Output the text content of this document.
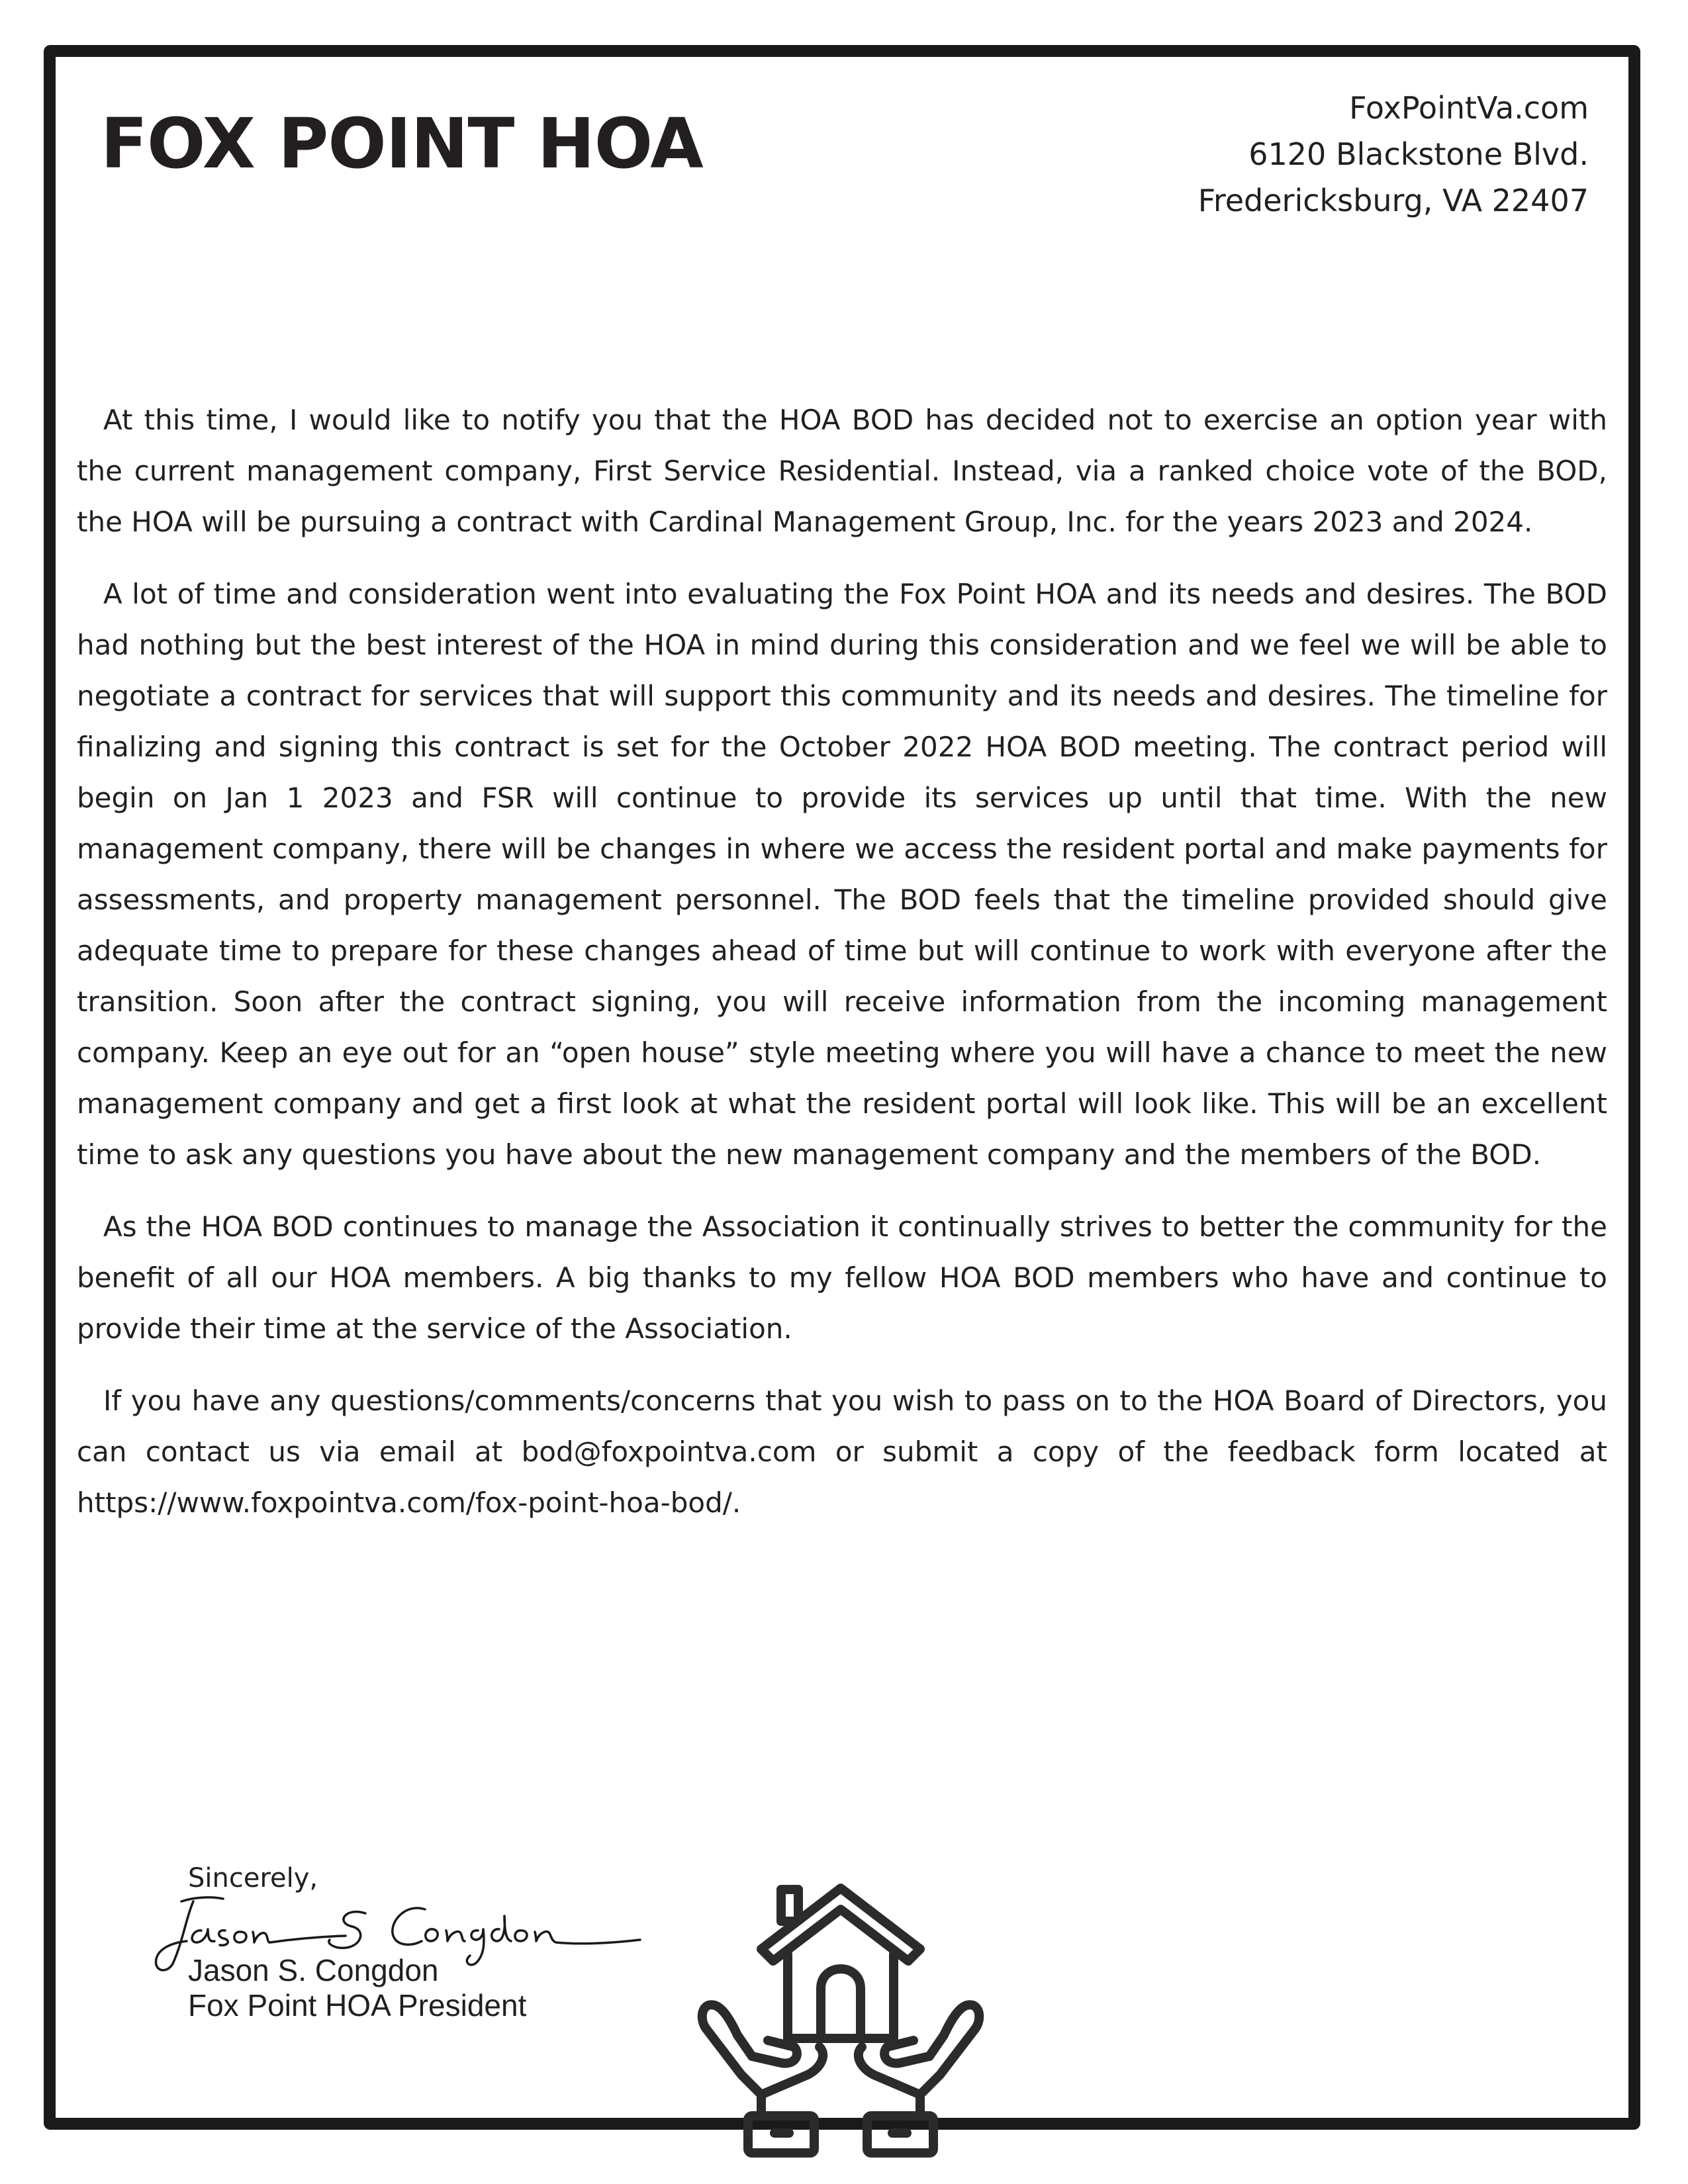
FOX POINT HOA	FoxPointVa.com
6120 Blackstone Blvd.
Fredericksburg, VA 22407

At this time, I would like to notify you that the HOA BOD has decided not to exercise an option year with the current management company, First Service Residential. Instead, via a ranked choice vote of the BOD, the HOA will be pursuing a contract with Cardinal Management Group, Inc. for the years 2023 and 2024.

A lot of time and consideration went into evaluating the Fox Point HOA and its needs and desires. The BOD had nothing but the best interest of the HOA in mind during this consideration and we feel we will be able to negotiate a contract for services that will support this community and its needs and desires. The timeline for finalizing and signing this contract is set for the October 2022 HOA BOD meeting. The contract period will begin on Jan 1 2023 and FSR will continue to provide its services up until that time. With the new management company, there will be changes in where we access the resident portal and make payments for assessments, and property management personnel. The BOD feels that the timeline provided should give adequate time to prepare for these changes ahead of time but will continue to work with everyone after the transition. Soon after the contract signing, you will receive information from the incoming management company. Keep an eye out for an “open house” style meeting where you will have a chance to meet the new management company and get a first look at what the resident portal will look like. This will be an excellent time to ask any questions you have about the new management company and the members of the BOD.

As the HOA BOD continues to manage the Association it continually strives to better the community for the benefit of all our HOA members. A big thanks to my fellow HOA BOD members who have and continue to provide their time at the service of the Association.

If you have any questions/comments/concerns that you wish to pass on to the HOA Board of Directors, you can contact us via email at bod@foxpointva.com or submit a copy of the feedback form located at https://www.foxpointva.com/fox-point-hoa-bod/.

Sincerely,
Jason S. Congdon
Fox Point HOA President
